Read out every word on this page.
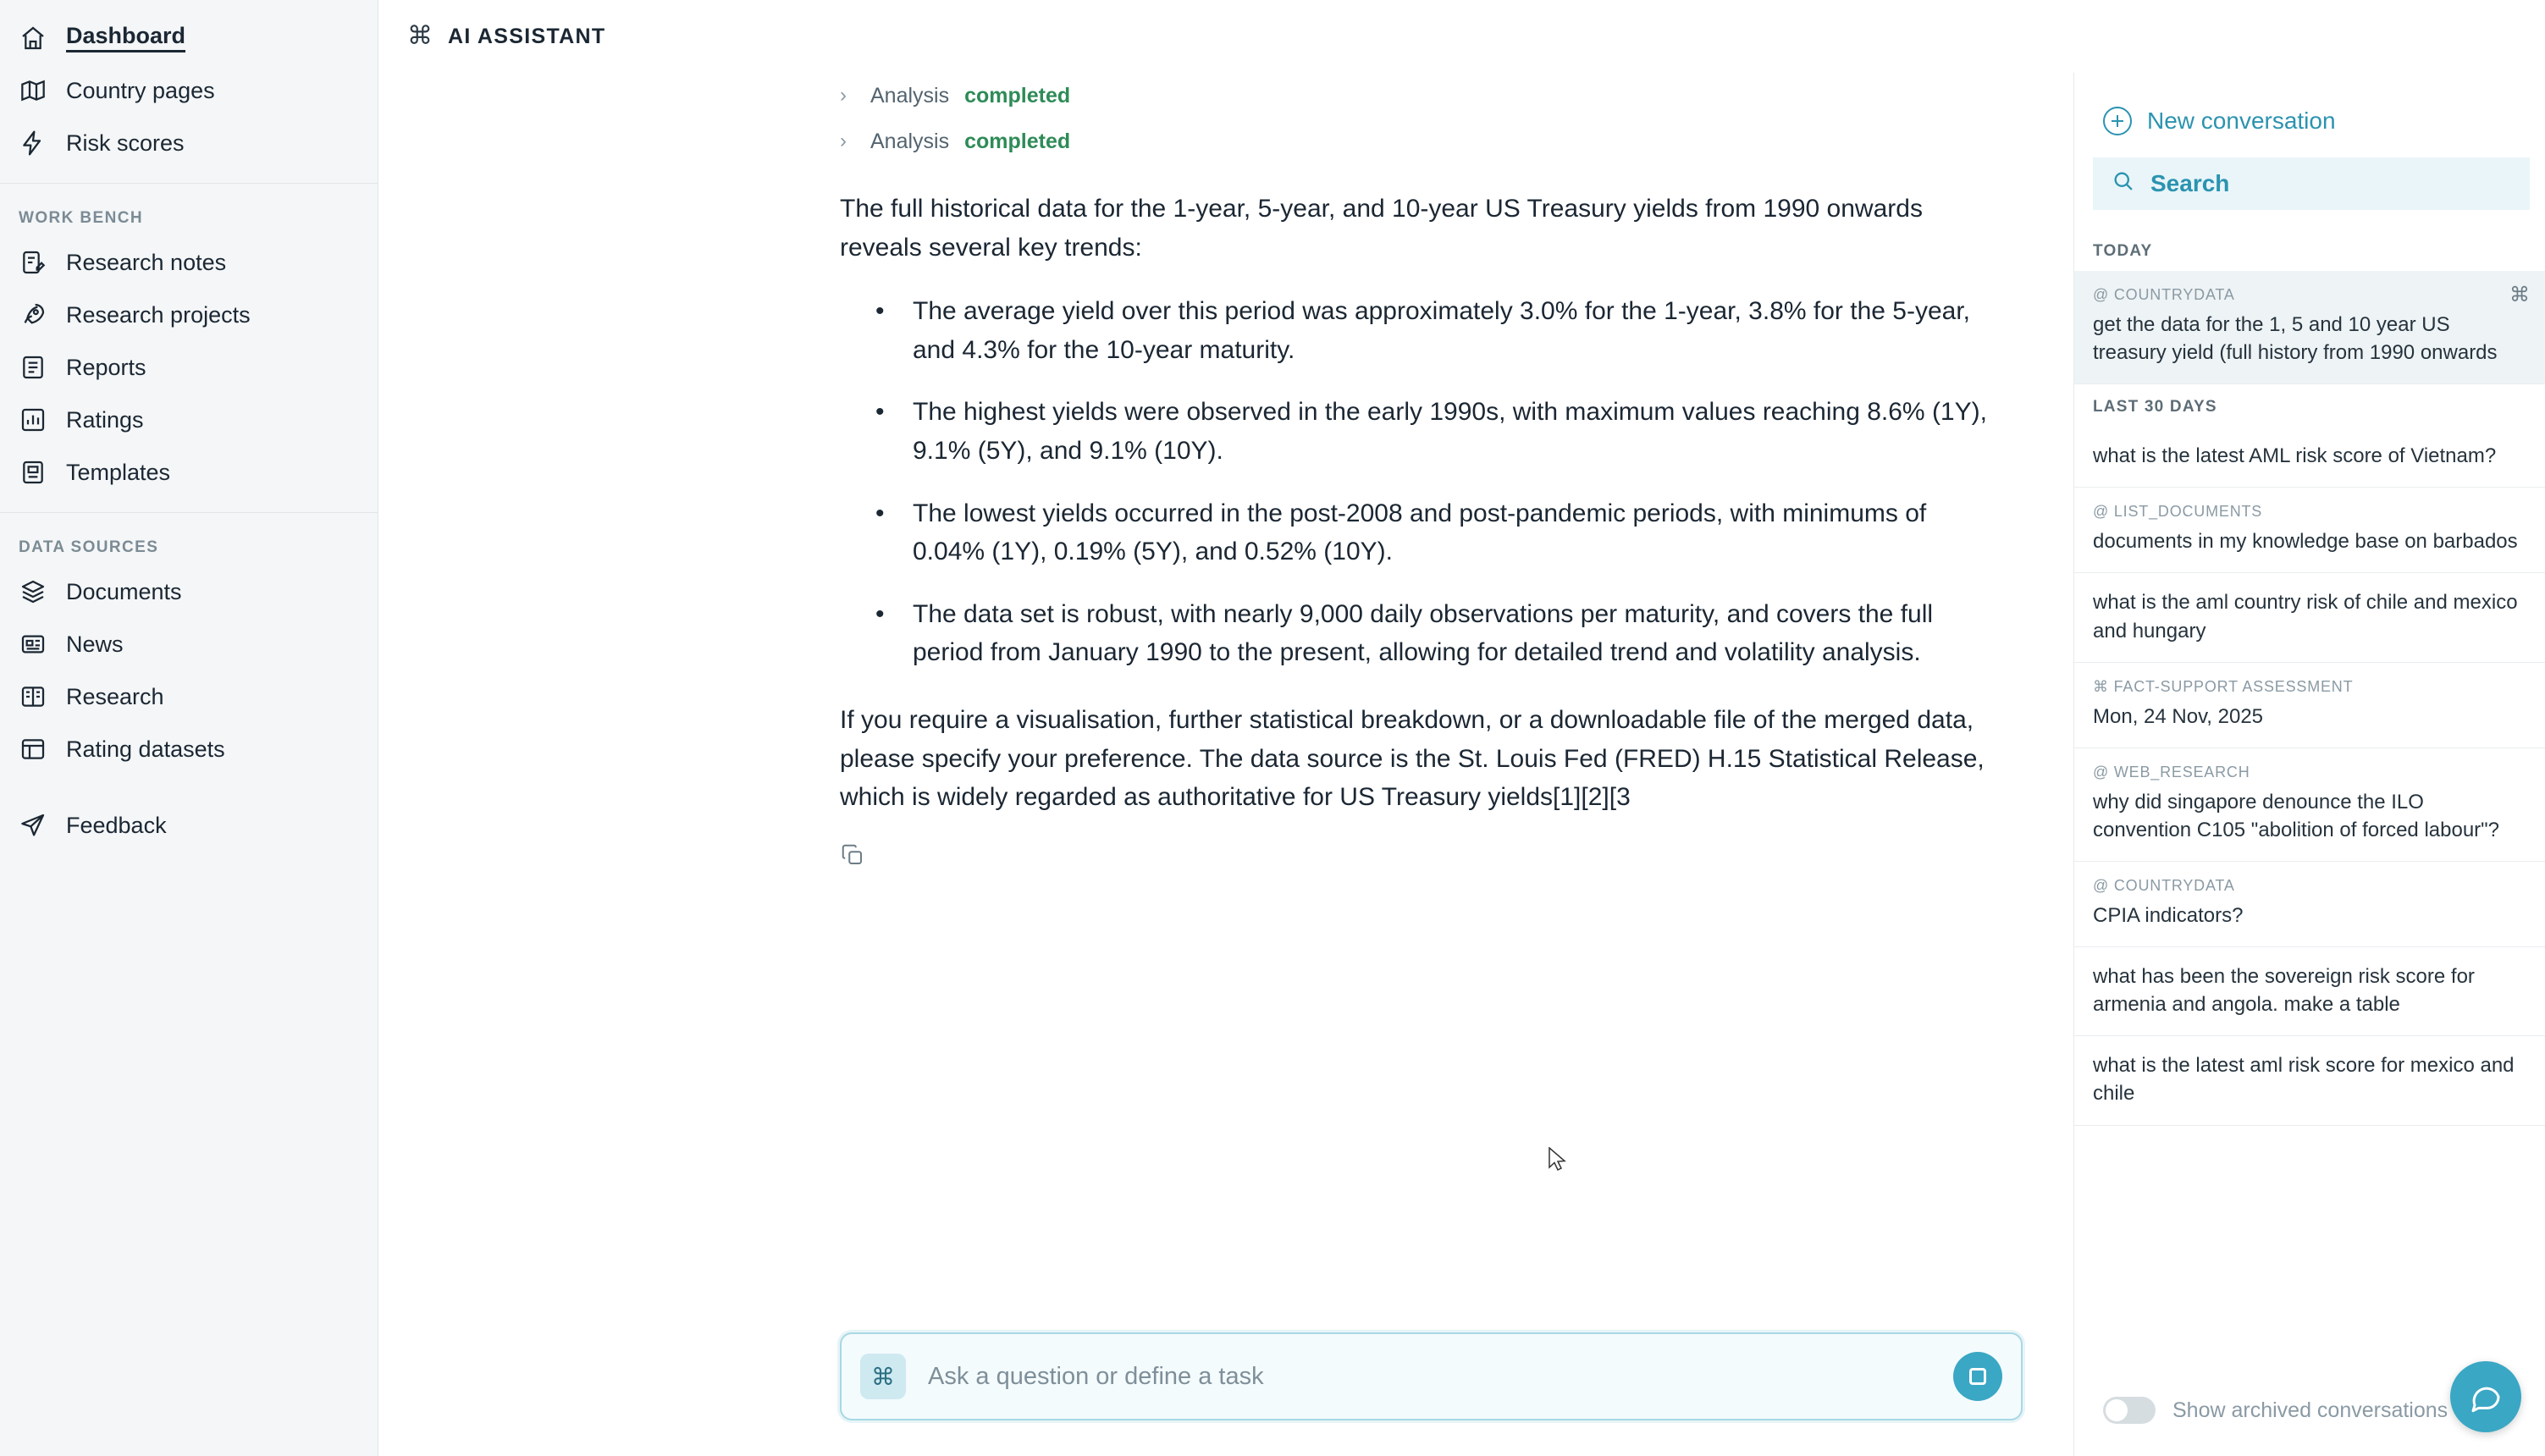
Dashboard
Country pages
Risk scores
WORK BENCH
Research notes
Research projects
Reports
Ratings
Templates
DATA SOURCES
Documents
News
Research
Rating datasets
Feedback
⌘ AI ASSISTANT
›	Analysis completed
›	Analysis completed

The full historical data for the 1-year, 5-year, and 10-year US Treasury yields from 1990 onwards reveals several key trends:

• The average yield over this period was approximately 3.0% for the 1-year, 3.8% for the 5-year, and 4.3% for the 10-year maturity.
• The highest yields were observed in the early 1990s, with maximum values reaching 8.6% (1Y), 9.1% (5Y), and 9.1% (10Y).
• The lowest yields occurred in the post-2008 and post-pandemic periods, with minimums of 0.04% (1Y), 0.19% (5Y), and 0.52% (10Y).
• The data set is robust, with nearly 9,000 daily observations per maturity, and covers the full period from January 1990 to the present, allowing for detailed trend and volatility analysis.

If you require a visualisation, further statistical breakdown, or a downloadable file of the merged data, please specify your preference. The data source is the St. Louis Fed (FRED) H.15 Statistical Release, which is widely regarded as authoritative for US Treasury yields[1][2][3

⌘
Ask a question or define a task
New conversation
Search
TODAY
@ COUNTRYDATA
get the data for the 1, 5 and 10 year US treasury yield (full history from 1990 onwards
⌘
LAST 30 DAYS
what is the latest AML risk score of Vietnam?
@ LIST_DOCUMENTS
documents in my knowledge base on barbados
what is the aml country risk of chile and mexico and hungary
⌘ FACT-SUPPORT ASSESSMENT
Mon, 24 Nov, 2025
@ WEB_RESEARCH
why did singapore denounce the ILO convention C105 "abolition of forced labour"?
@ COUNTRYDATA
CPIA indicators?
what has been the sovereign risk score for armenia and angola. make a table
what is the latest aml risk score for mexico and chile
Show archived conversations
